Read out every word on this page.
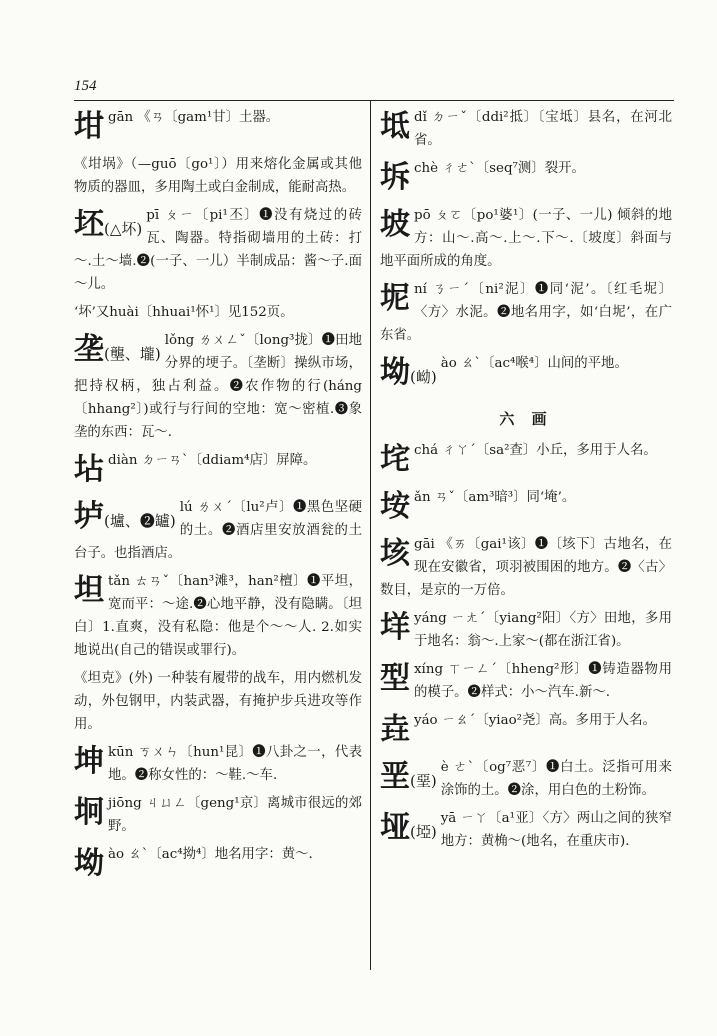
154
坩gān 《ㄢ〔gam¹甘〕土器。
《坩埚》（—guō〔go¹〕）用来熔化金属或其他物质的器皿，多用陶土或白金制成，能耐高热。
坯(△坏)
pī ㄆㄧ〔pi¹丕〕❶没有烧过的砖瓦、陶器。特指砌墙用的土砖：打～.土～墙.❷(一子、一儿）半制成品：酱～子.面～儿。
‘坏’又huài〔hhuai¹怀¹〕见152页。
垄(壟、壠)
lǒng ㄌㄨㄥˇ〔long³拢〕❶田地分界的埂子。〔垄断〕操纵市场，把持权柄，独占利益。❷农作物的行(háng〔hhang²〕)或行与行间的空地：宽～密植.❸象垄的东西：瓦～.
坫diàn ㄉㄧㄢˋ〔ddiam⁴店〕屏障。
垆(壚、❷罏)
lú ㄌㄨˊ〔lu²卢〕❶黑色坚硬的土。❷酒店里安放酒瓮的土台子。也指酒店。
坦tǎn ㄊㄢˇ〔han³滩³，han²檀〕❶平坦，宽而平：～途.❷心地平静，没有隐瞒。〔坦白〕1.直爽，没有私隐：他是个～～人. 2.如实地说出(自己的错误或罪行)。
《坦克》(外) 一种装有履带的战车，用内燃机发动，外包钢甲，内装武器，有掩护步兵进攻等作用。
坤kūn ㄎㄨㄣ〔hun¹昆〕❶八卦之一，代表地。❷称女性的：～鞋.～车.
坰jiōng ㄐㄩㄥ〔geng¹京〕离城市很远的郊野。
坳ào ㄠˋ〔ac⁴拗⁴〕地名用字：黄～.
坻dǐ ㄉㄧˇ〔ddi²抵〕〔宝坻〕县名，在河北省。
坼chè ㄔㄜˋ〔seq⁷测〕裂开。
坡pō ㄆㄛ〔po¹婆¹〕(一子、一儿) 倾斜的地方：山～.高～.上～.下～.〔坡度〕斜面与地平面所成的角度。
坭ní ㄋㄧˊ〔ni²泥〕❶同‘泥’。〔红毛坭〕〈方〉水泥。❷地名用字，如‘白坭’，在广东省。
坳(岰)
ào ㄠˋ〔ac⁴喉⁴〕山间的平地。
六 画
垞chá ㄔㄚˊ〔sa²查〕小丘，多用于人名。
垵ǎn ㄢˇ〔am³暗³〕同‘埯’。
垓gāi 《ㄞ〔gai¹该〕❶〔垓下〕古地名，在现在安徽省，项羽被围困的地方。❷〈古〉数目，是京的一万倍。
垟yáng ㄧㄤˊ〔yiang²阳〕〈方〉田地，多用于地名：翁～.上家～(都在浙江省)。
型xíng ㄒㄧㄥˊ〔hheng²形〕❶铸造器物用的模子。❷样式：小～汽车.新～.
垚yáo ㄧㄠˊ〔yiao²尧〕高。多用于人名。
垩(堊)
è ㄜˋ〔og⁷恶⁷〕❶白土。泛指可用来涂饰的土。❷涂，用白色的土粉饰。
垭(埡)
yā ㄧㄚ〔a¹亚〕〈方〉两山之间的狭窄地方：黄桷～(地名，在重庆市).
